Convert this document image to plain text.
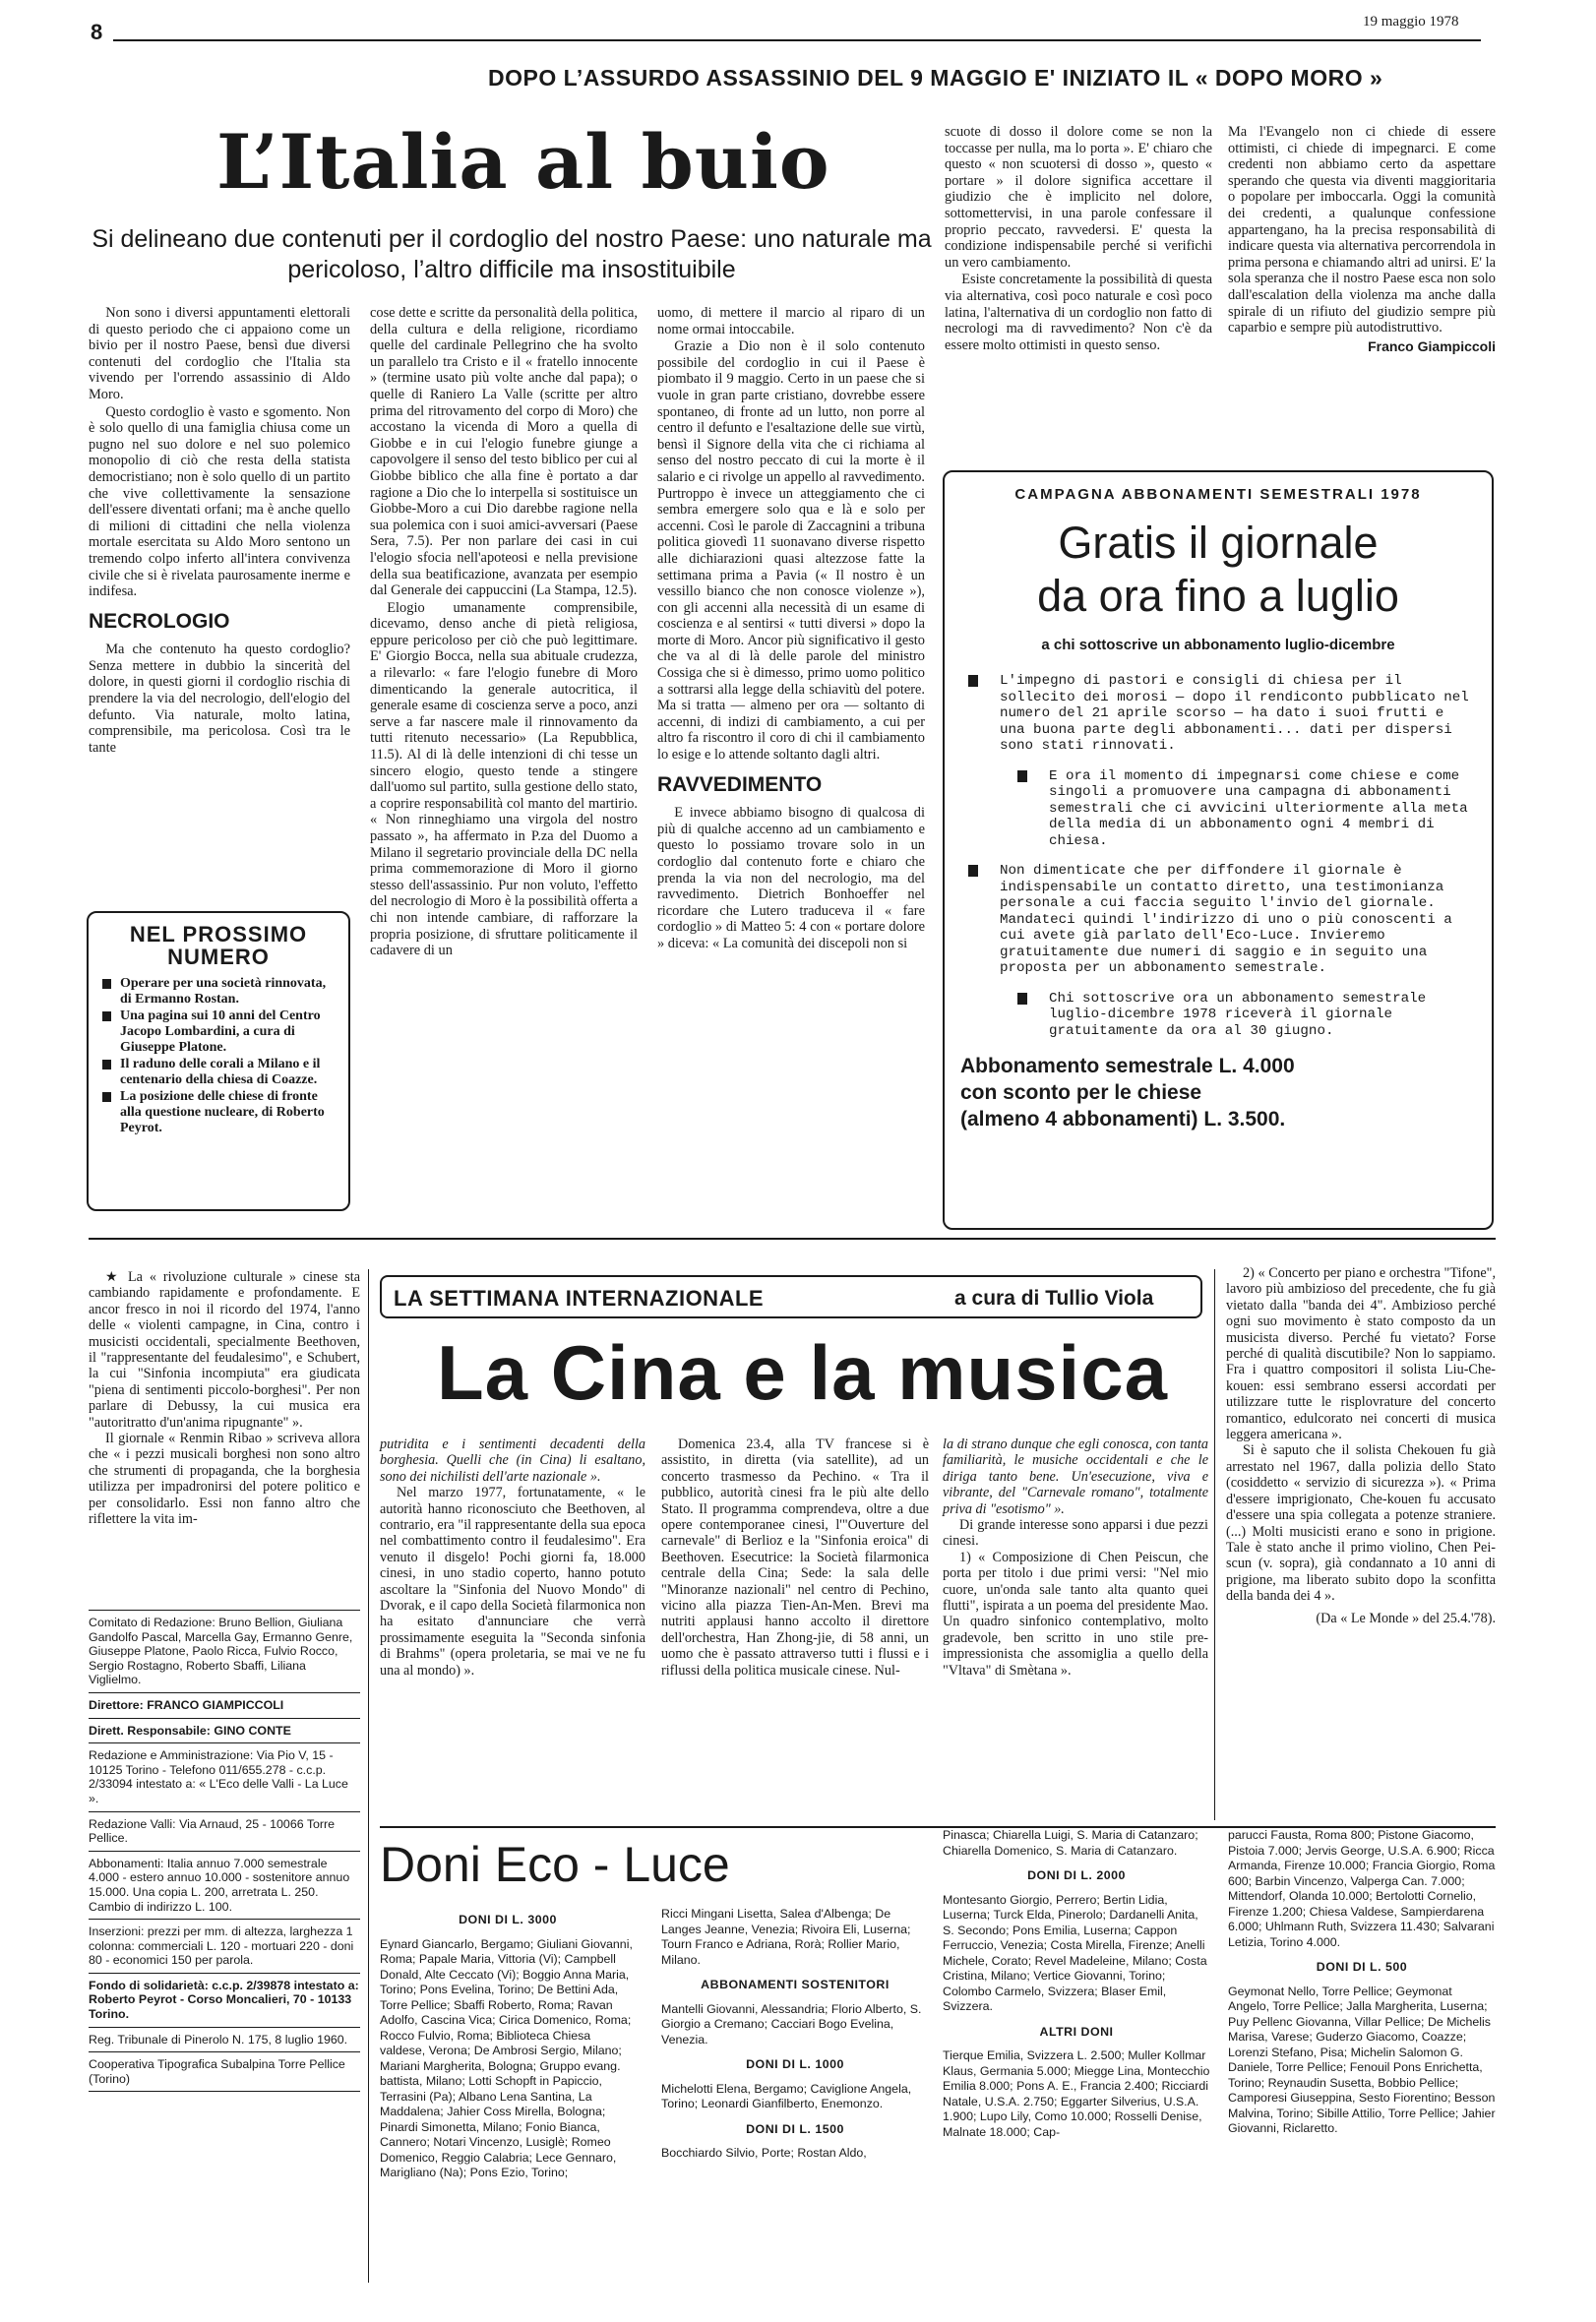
8	19 maggio 1978
DOPO L’ASSURDO ASSASSINIO DEL 9 MAGGIO E' INIZIATO IL « DOPO MORO »
L’Italia al buio
Si delineano due contenuti per il cordoglio del nostro Paese: uno naturale ma pericoloso, l’altro difficile ma insostituibile

Non sono i diversi appuntamenti elettorali di questo periodo che ci appaiono come un bivio per il nostro Paese, bensì due diversi contenuti del cordoglio che l'Italia sta vivendo per l'orrendo assassinio di Aldo Moro.

Questo cordoglio è vasto e sgomento. Non è solo quello di una famiglia chiusa come un pugno nel suo dolore e nel suo polemico monopolio di ciò che resta della statista democristiano; non è solo quello di un partito che vive collettivamente la sensazione dell'essere diventati orfani; ma è anche quello di milioni di cittadini che nella violenza mortale esercitata su Aldo Moro sentono un tremendo colpo inferto all'intera convivenza civile che si è rivelata paurosamente inerme e indifesa.

NECROLOGIO

Ma che contenuto ha questo cordoglio? Senza mettere in dubbio la sincerità del dolore, in questi giorni il cordoglio rischia di prendere la via del necrologio, dell'elogio del defunto. Via naturale, molto latina, comprensibile, ma pericolosa. Così tra le tante

NEL PROSSIMO NUMERO
Operare per una società rinnovata, di Ermanno Rostan.
Una pagina sui 10 anni del Centro Jacopo Lombardini, a cura di Giuseppe Platone.
Il raduno delle corali a Milano e il centenario della chiesa di Coazze.
La posizione delle chiese di fronte alla questione nucleare, di Roberto Peyrot.

cose dette e scritte da personalità della politica, della cultura e della religione, ricordiamo quelle del cardinale Pellegrino che ha svolto un parallelo tra Cristo e il « fratello innocente » (termine usato più volte anche dal papa); o quelle di Raniero La Valle (scritte per altro prima del ritrovamento del corpo di Moro) che accostano la vicenda di Moro a quella di Giobbe e in cui l'elogio funebre giunge a capovolgere il senso del testo biblico per cui al Giobbe biblico che alla fine è portato a dar ragione a Dio che lo interpella si sostituisce un Giobbe-Moro a cui Dio darebbe ragione nella sua polemica con i suoi amici-avversari (Paese Sera, 7.5). Per non parlare dei casi in cui l'elogio sfocia nell'apoteosi e nella previsione della sua beatificazione, avanzata per esempio dal Generale dei cappuccini (La Stampa, 12.5).

Elogio umanamente comprensibile, dicevamo, denso anche di pietà religiosa, eppure pericoloso per ciò che può legittimare. E' Giorgio Bocca, nella sua abituale crudezza, a rilevarlo: « fare l'elogio funebre di Moro dimenticando la generale autocritica, il generale esame di coscienza serve a poco, anzi serve a far nascere male il rinnovamento da tutti ritenuto necessario» (La Repubblica, 11.5). Al di là delle intenzioni di chi tesse un sincero elogio, questo tende a stingere dall'uomo sul partito, sulla gestione dello stato, a coprire responsabilità col manto del martirio. « Non rinneghiamo una virgola del nostro passato », ha affermato in P.za del Duomo a Milano il segretario provinciale della DC nella prima commemorazione di Moro il giorno stesso dell'assassinio. Pur non voluto, l'effetto del necrologio di Moro è la possibilità offerta a chi non intende cambiare, di rafforzare la propria posizione, di sfruttare politicamente il cadavere di un

uomo, di mettere il marcio al riparo di un nome ormai intoccabile.

Grazie a Dio non è il solo contenuto possibile del cordoglio in cui il Paese è piombato il 9 maggio. Certo in un paese che si vuole in gran parte cristiano, dovrebbe essere spontaneo, di fronte ad un lutto, non porre al centro il defunto e l'esaltazione delle sue virtù, bensì il Signore della vita che ci richiama al senso del nostro peccato di cui la morte è il salario e ci rivolge un appello al ravvedimento. Purtroppo è invece un atteggiamento che ci sembra emergere solo qua e là e solo per accenni. Così le parole di Zaccagnini a tribuna politica giovedì 11 suonavano diverse rispetto alle dichiarazioni quasi altezzose fatte la settimana prima a Pavia (« Il nostro è un vessillo bianco che non conosce violenze »), con gli accenni alla necessità di un esame di coscienza e al sentirsi « tutti diversi » dopo la morte di Moro. Ancor più significativo il gesto che va al di là delle parole del ministro Cossiga che si è dimesso, primo uomo politico a sottrarsi alla legge della schiavitù del potere. Ma si tratta — almeno per ora — soltanto di accenni, di indizi di cambiamento, a cui per altro fa riscontro il coro di chi il cambiamento lo esige e lo attende soltanto dagli altri.

RAVVEDIMENTO

E invece abbiamo bisogno di qualcosa di più di qualche accenno ad un cambiamento e questo lo possiamo trovare solo in un cordoglio dal contenuto forte e chiaro che prenda la via non del necrologio, ma del ravvedimento. Dietrich Bonhoeffer nel ricordare che Lutero traduceva il « fare cordoglio » di Matteo 5: 4 con « portare dolore » diceva: « La comunità dei discepoli non si

scuote di dosso il dolore come se non la toccasse per nulla, ma lo porta ». E' chiaro che questo « non scuotersi di dosso », questo « portare » il dolore significa accettare il giudizio che è implicito nel dolore, sottomettervisi, in una parole confessare il proprio peccato, ravvedersi. E' questa la condizione indispensabile perché si verifichi un vero cambiamento.

Esiste concretamente la possibilità di questa via alternativa, così poco naturale e così poco latina, l'alternativa di un cordoglio non fatto di necrologi ma di ravvedimento? Non c'è da essere molto ottimisti in questo senso.

Ma l'Evangelo non ci chiede di essere ottimisti, ci chiede di impegnarci. E come credenti non abbiamo certo da aspettare sperando che questa via diventi maggioritaria o popolare per imboccarla. Oggi la comunità dei credenti, a qualunque confessione appartengano, ha la precisa responsabilità di indicare questa via alternativa percorrendola in prima persona e chiamando altri ad unirsi. E' la sola speranza che il nostro Paese esca non solo dall'escalation della violenza ma anche dalla spirale di un rifiuto del giudizio sempre più caparbio e sempre più autodistruttivo.

Franco Giampiccoli
CAMPAGNA ABBONAMENTI SEMESTRALI 1978
Gratis il giornale
da ora fino a luglio
a chi sottoscrive un abbonamento luglio-dicembre
L'impegno di pastori e consigli di chiesa per il sollecito dei morosi — dopo il rendiconto pubblicato nel numero del 21 aprile scorso — ha dato i suoi frutti e una buona parte degli abbonamenti... dati per dispersi sono stati rinnovati.
E ora il momento di impegnarsi come chiese e come singoli a promuovere una campagna di abbonamenti semestrali che ci avvicini ulteriormente alla meta della media di un abbonamento ogni 4 membri di chiesa.
Non dimenticate che per diffondere il giornale è indispensabile un contatto diretto, una testimonianza personale a cui faccia seguito l'invio del giornale.
Mandateci quindi l'indirizzo di uno o più conoscenti a cui avete già parlato dell'Eco-Luce. Invieremo gratuitamente due numeri di saggio e in seguito una proposta per un abbonamento semestrale.
Chi sottoscrive ora un abbonamento semestrale luglio-dicembre 1978 riceverà il giornale gratuitamente da ora al 30 giugno.
Abbonamento semestrale L. 4.000
con sconto per le chiese
(almeno 4 abbonamenti) L. 3.500.

★ La « rivoluzione culturale » cinese sta cambiando rapidamente e profondamente. E ancor fresco in noi il ricordo del 1974, l'anno delle « violenti campagne, in Cina, contro i musicisti occidentali, specialmente Beethoven, il "rappresentante del feudalesimo", e Schubert, la cui "Sinfonia incompiuta" era giudicata "piena di sentimenti piccolo-borghesi". Per non parlare di Debussy, la cui musica era "autoritratto d'un'anima ripugnante" ».

Il giornale « Renmin Ribao » scriveva allora che « i pezzi musicali borghesi non sono altro che strumenti di propaganda, che la borghesia utilizza per impadronirsi del potere politico e per consolidarlo. Essi non fanno altro che riflettere la vita im-

LA SETTIMANA INTERNAZIONALE	a cura di Tullio Viola
La Cina e la musica

putridita e i sentimenti decadenti della borghesia. Quelli che (in Cina) li esaltano, sono dei nichilisti dell'arte nazionale ».

Nel marzo 1977, fortunatamente, « le autorità hanno riconosciuto che Beethoven, al contrario, era "il rappresentante della sua epoca nel combattimento contro il feudalesimo". Era venuto il disgelo! Pochi giorni fa, 18.000 cinesi, in uno stadio coperto, hanno potuto ascoltare la "Sinfonia del Nuovo Mondo" di Dvorak, e il capo della Società filarmonica non ha esitato d'annunciare che verrà prossimamente eseguita la "Seconda sinfonia di Brahms" (opera proletaria, se mai ve ne fu una al mondo) ».

Domenica 23.4, alla TV francese si è assistito, in diretta (via satellite), ad un concerto trasmesso da Pechino. « Tra il pubblico, autorità cinesi fra le più alte dello Stato. Il programma comprendeva, oltre a due opere contemporanee cinesi, l'"Ouverture del carnevale" di Berlioz e la "Sinfonia eroica" di Beethoven. Esecutrice: la Società filarmonica centrale della Cina; Sede: la sala delle "Minoranze nazionali" nel centro di Pechino, vicino alla piazza Tien-An-Men. Brevi ma nutriti applausi hanno accolto il direttore dell'orchestra, Han Zhong-jie, di 58 anni, un uomo che è passato attraverso tutti i flussi e i riflussi della politica musicale cinese. Nul-

la di strano dunque che egli conosca, con tanta familiarità, le musiche occidentali e che le diriga tanto bene. Un'esecuzione, viva e vibrante, del "Carnevale romano", totalmente priva di "esotismo" ».

Di grande interesse sono apparsi i due pezzi cinesi.

1) « Composizione di Chen Peiscun, che porta per titolo i due primi versi: "Nel mio cuore, un'onda sale tanto alta quanto quei flutti", ispirata a un poema del presidente Mao. Un quadro sinfonico contemplativo, molto gradevole, ben scritto in uno stile pre-impressionista che assomiglia a quello della "Vltava" di Smètana ».

2) « Concerto per piano e orchestra "Tifone", lavoro più ambizioso del precedente, che fu già vietato dalla "banda dei 4". Ambizioso perché ogni suo movimento è stato composto da un musicista diverso. Perché fu vietato? Forse perché di qualità discutibile? Non lo sappiamo. Fra i quattro compositori il solista Liu-Che-kouen: essi sembrano essersi accordati per utilizzare tutte le risplovrature del concerto romantico, edulcorato nei concerti di musica leggera americana ».

Si è saputo che il solista Chekouen fu già arrestato nel 1967, dalla polizia dello Stato (cosiddetto « servizio di sicurezza »). « Prima d'essere imprigionato, Che-kouen fu accusato d'essere una spia collegata a potenze straniere. (...) Molti musicisti erano e sono in prigione. Tale è stato anche il primo violino, Chen Pei-scun (v. sopra), già condannato a 10 anni di prigione, ma liberato subito dopo la sconfitta della banda dei 4 ».

(Da « Le Monde » del 25.4.'78).
Comitato di Redazione: Bruno Bellion, Giuliana Gandolfo Pascal, Marcella Gay, Ermanno Genre, Giuseppe Platone, Paolo Ricca, Fulvio Rocco, Sergio Rostagno, Roberto Sbaffi, Liliana Viglielmo.
Direttore: FRANCO GIAMPICCOLI
Dirett. Responsabile: GINO CONTE
Redazione e Amministrazione: Via Pio V, 15 - 10125 Torino - Telefono 011/655.278 - c.c.p. 2/33094 intestato a: « L'Eco delle Valli - La Luce ».
Redazione Valli: Via Arnaud, 25 - 10066 Torre Pellice.
Abbonamenti: Italia annuo 7.000 semestrale 4.000 - estero annuo 10.000 - sostenitore annuo 15.000. Una copia L. 200, arretrata L. 250. Cambio di indirizzo L. 100.
Inserzioni: prezzi per mm. di altezza, larghezza 1 colonna: commerciali L. 120 - mortuari 220 - doni 80 - economici 150 per parola.
Fondo di solidarietà: c.c.p. 2/39878 intestato a: Roberto Peyrot - Corso Moncalieri, 70 - 10133 Torino.
Reg. Tribunale di Pinerolo N. 175, 8 luglio 1960.
Cooperativa Tipografica Subalpina Torre Pellice (Torino)
Doni Eco - Luce
DONI DI L. 3000

Eynard Giancarlo, Bergamo; Giuliani Giovanni, Roma; Papale Maria, Vittoria (Vi); Campbell Donald, Alte Ceccato (Vi); Boggio Anna Maria, Torino; Pons Evelina, Torino; De Bettini Ada, Torre Pellice; Sbaffi Roberto, Roma; Ravan Adolfo, Cascina Vica; Cirica Domenico, Roma; Rocco Fulvio, Roma; Biblioteca Chiesa valdese, Verona; De Ambrosi Sergio, Milano; Mariani Margherita, Bologna; Gruppo evang. battista, Milano; Lotti Schopft in Papiccio, Terrasini (Pa); Albano Lena Santina, La Maddalena; Jahier Coss Mirella, Bologna; Pinardi Simonetta, Milano; Fonio Bianca, Cannero; Notari Vincenzo, Lusiglè; Romeo Domenico, Reggio Calabria; Lece Gennaro, Marigliano (Na); Pons Ezio, Torino;

Ricci Mingani Lisetta, Salea d'Albenga; De Langes Jeanne, Venezia; Rivoira Eli, Luserna; Tourn Franco e Adriana, Rorà; Rollier Mario, Milano.

ABBONAMENTI SOSTENITORI

Mantelli Giovanni, Alessandria; Florio Alberto, S. Giorgio a Cremano; Cacciari Bogo Evelina, Venezia.

DONI DI L. 1000

Michelotti Elena, Bergamo; Caviglione Angela, Torino; Leonardi Gianfilberto, Enemonzo.

DONI DI L. 1500

Bocchiardo Silvio, Porte; Rostan Aldo,

Pinasca; Chiarella Luigi, S. Maria di Catanzaro; Chiarella Domenico, S. Maria di Catanzaro.

DONI DI L. 2000

Montesanto Giorgio, Perrero; Bertin Lidia, Luserna; Turck Elda, Pinerolo; Dardanelli Anita, S. Secondo; Pons Emilia, Luserna; Cappon Ferruccio, Venezia; Costa Mirella, Firenze; Anelli Michele, Corato; Revel Madeleine, Milano; Costa Cristina, Milano; Vertice Giovanni, Torino; Colombo Carmelo, Svizzera; Blaser Emil, Svizzera.

ALTRI DONI

Tierque Emilia, Svizzera L. 2.500; Muller Kollmar Klaus, Germania 5.000; Miegge Lina, Montecchio Emilia 8.000; Pons A. E., Francia 2.400; Ricciardi Natale, U.S.A. 2.750; Eggarter Silverius, U.S.A. 1.900; Lupo Lily, Como 10.000; Rosselli Denise, Malnate 18.000; Cap-

parucci Fausta, Roma 800; Pistone Giacomo, Pistoia 7.000; Jervis George, U.S.A. 6.900; Ricca Armanda, Firenze 10.000; Francia Giorgio, Roma 600; Barbin Vincenzo, Valperga Can. 7.000; Mittendorf, Olanda 10.000; Bertolotti Cornelio, Firenze 1.200; Chiesa Valdese, Sampierdarena 6.000; Uhlmann Ruth, Svizzera 11.430; Salvarani Letizia, Torino 4.000.

DONI DI L. 500

Geymonat Nello, Torre Pellice; Geymonat Angelo, Torre Pellice; Jalla Margherita, Luserna; Puy Pellenc Giovanna, Villar Pellice; De Michelis Marisa, Varese; Guderzo Giacomo, Coazze; Lorenzi Stefano, Pisa; Michelin Salomon G. Daniele, Torre Pellice; Fenouil Pons Enrichetta, Torino; Reynaudin Susetta, Bobbio Pellice; Camporesi Giuseppina, Sesto Fiorentino; Besson Malvina, Torino; Sibille Attilio, Torre Pellice; Jahier Giovanni, Riclaretto.
